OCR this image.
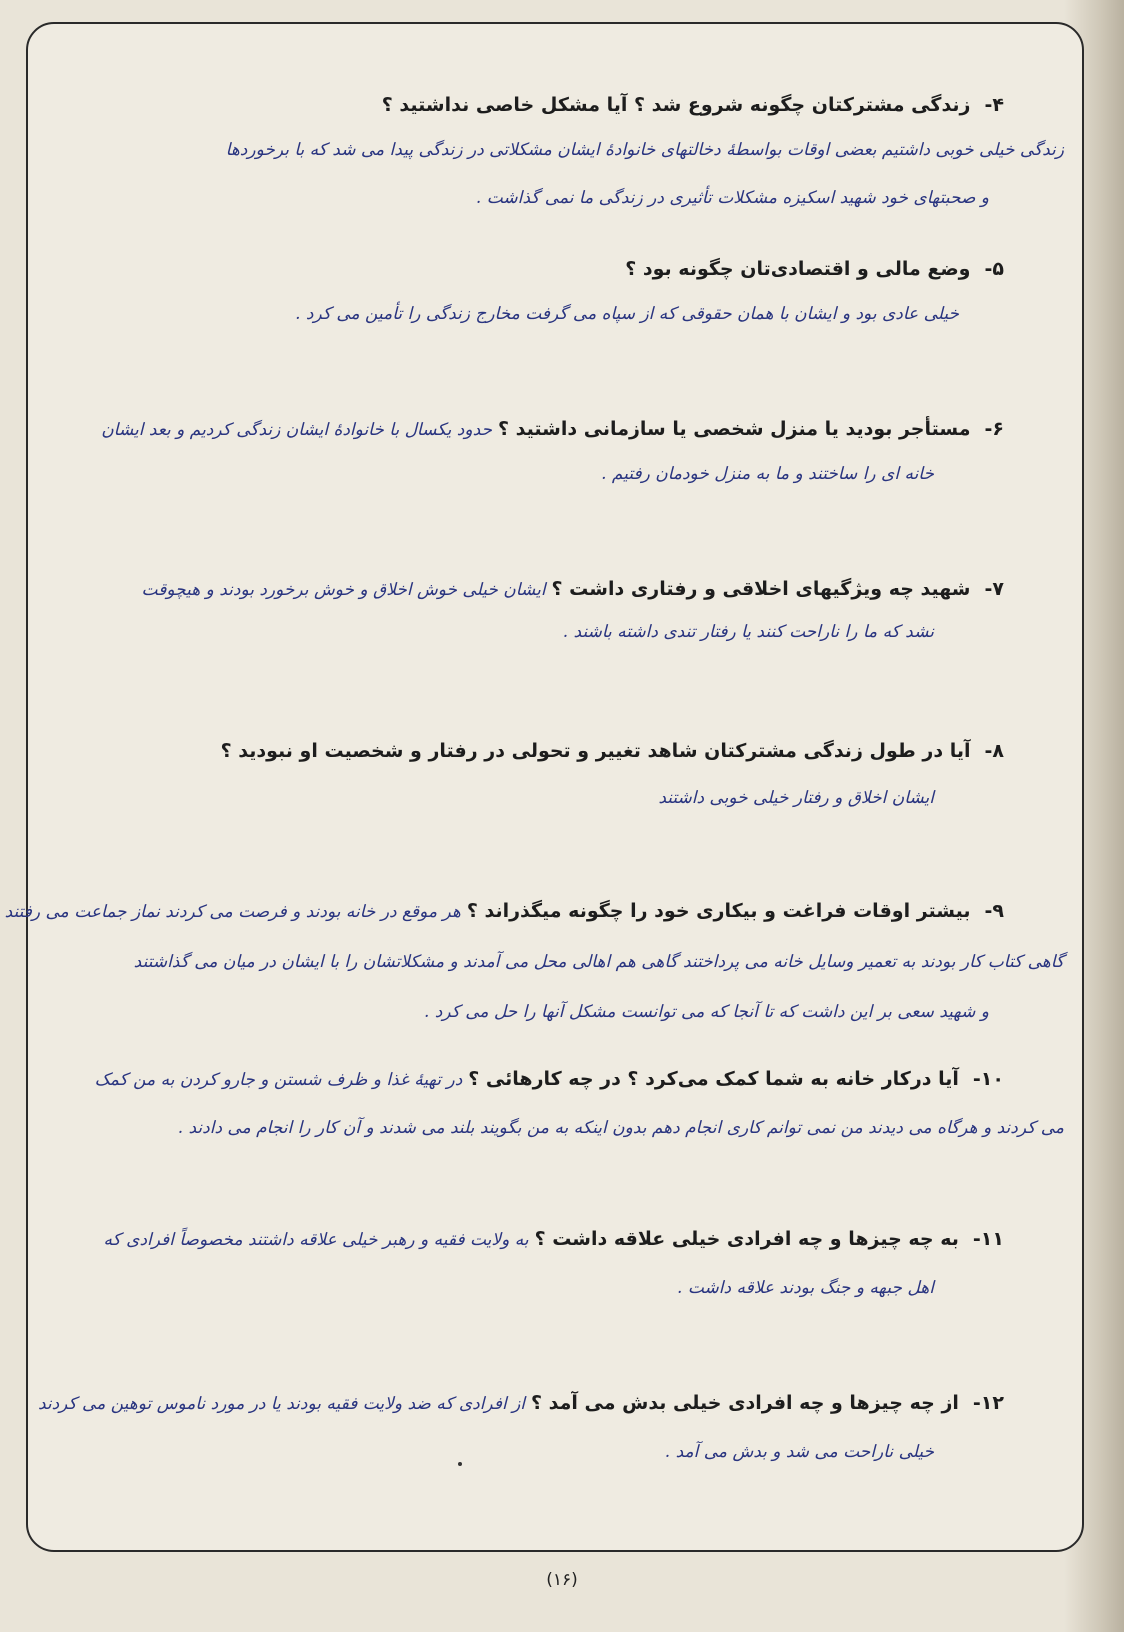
۴-زندگی مشترکتان چگونه شروع شد ؟ آیا مشکل خاصی نداشتید ؟
زندگی خیلی خوبی داشتیم بعضی اوقات بواسطهٔ دخالتهای خانوادهٔ ایشان مشکلاتی در زندگی پیدا می شد که با برخوردها
و صحبتهای خود شهید اسکیزه مشکلات تأثیری در زندگی ما نمی گذاشت .
۵-وضع مالی و اقتصادی‌تان چگونه بود ؟
خیلی عادی بود و ایشان با همان حقوقی که از سپاه می گرفت مخارج زندگی را تأمین می کرد .
۶-مستأجر بودید یا منزل شخصی یا سازمانی داشتید ؟حدود یکسال با خانوادهٔ ایشان زندگی کردیم و بعد ایشان
خانه ای را ساختند و ما به منزل خودمان رفتیم .
۷-شهید چه ویژگیهای اخلاقی و رفتاری داشت ؟ایشان خیلی خوش اخلاق و خوش برخورد بودند و هیچوقت
نشد که ما را ناراحت کنند یا رفتار تندی داشته باشند .
۸-آیا در طول زندگی مشترکتان شاهد تغییر و تحولی در رفتار و شخصیت او نبودید ؟
ایشان اخلاق و رفتار خیلی خوبی داشتند
۹-بیشتر اوقات فراغت و بیکاری خود را چگونه میگذراند ؟هر موقع در خانه بودند و فرصت می کردند نماز جماعت می رفتند
گاهی کتاب کار بودند به تعمیر وسایل خانه می پرداختند گاهی هم اهالی محل می آمدند و مشکلاتشان را با ایشان در میان می گذاشتند
و شهید سعی بر این داشت که تا آنجا که می توانست مشکل آنها را حل می کرد .
۱۰-آیا درکار خانه به شما کمک می‌کرد ؟ در چه کارهائی ؟در تهیهٔ غذا و ظرف شستن و جارو کردن به من کمک
می کردند و هرگاه می دیدند من نمی توانم کاری انجام دهم بدون اینکه به من بگویند بلند می شدند و آن کار را انجام می دادند .
۱۱-به چه چیزها و چه افرادی خیلی علاقه داشت ؟به ولایت فقیه و رهبر خیلی علاقه داشتند مخصوصاً افرادی که
اهل جبهه و جنگ بودند علاقه داشت .
۱۲-از چه چیزها و چه افرادی خیلی بدش می آمد ؟از افرادی که ضد ولایت فقیه بودند یا در مورد ناموس توهین می کردند
خیلی ناراحت می شد و بدش می آمد .
(۱۶)
